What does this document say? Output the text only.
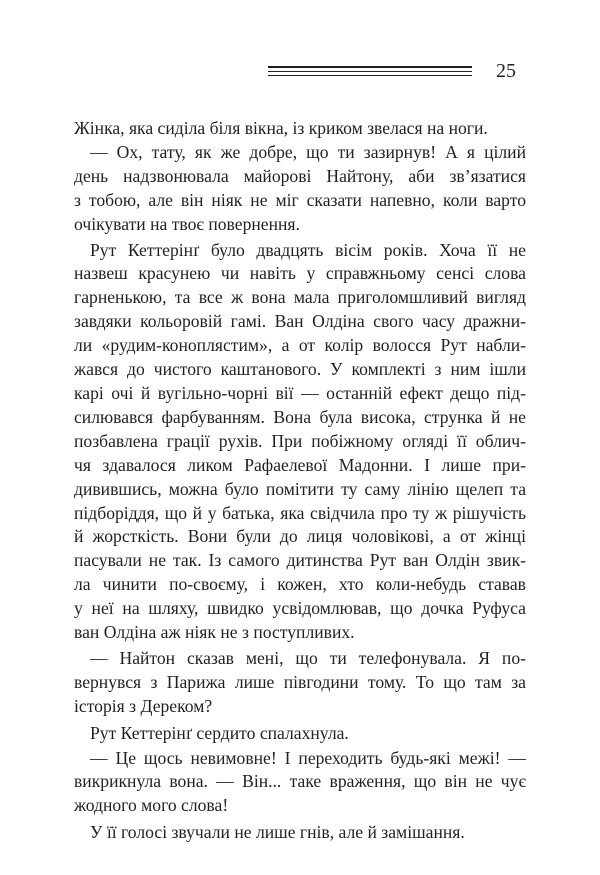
25
Жінка, яка сиділа біля вікна, із криком звелася на ноги.
— Ох, тату, як же добре, що ти зазирнув! А я цілий
день надзвонювала майорові Найтону, аби зв’язатися
з тобою, але він ніяк не міг сказати напевно, коли варто
очікувати на твоє повернення.
Рут Кеттерінґ було двадцять вісім років. Хоча її не
назвеш красунею чи навіть у справжньому сенсі слова
гарненькою, та все ж вона мала приголомшливий вигляд
завдяки кольоровій гамі. Ван Олдіна свого часу дражни-
ли «рудим-коноплястим», а от колір волосся Рут набли-
жався до чистого каштанового. У комплекті з ним ішли
карі очі й вугільно-чорні вії — останній ефект дещо під-
силювався фарбуванням. Вона була висока, струнка й не
позбавлена грації рухів. При побіжному огляді її облич-
чя здавалося ликом Рафаелевої Мадонни. І лише при-
дивившись, можна було помітити ту саму лінію щелеп та
підборіддя, що й у батька, яка свідчила про ту ж рішучість
й жорсткість. Вони були до лиця чоловікові, а от жінці
пасували не так. Із самого дитинства Рут ван Олдін звик-
ла чинити по-своєму, і кожен, хто коли-небудь ставав
у неї на шляху, швидко усвідомлював, що дочка Руфуса
ван Олдіна аж ніяк не з поступливих.
— Найтон сказав мені, що ти телефонувала. Я по-
вернувся з Парижа лише півгодини тому. То що там за
історія з Дереком?
Рут Кеттерінґ сердито спалахнула.
— Це щось невимовне! І переходить будь-які межі! —
викрикнула вона. — Він... таке враження, що він не чує
жодного мого слова!
У її голосі звучали не лише гнів, але й замішання.
